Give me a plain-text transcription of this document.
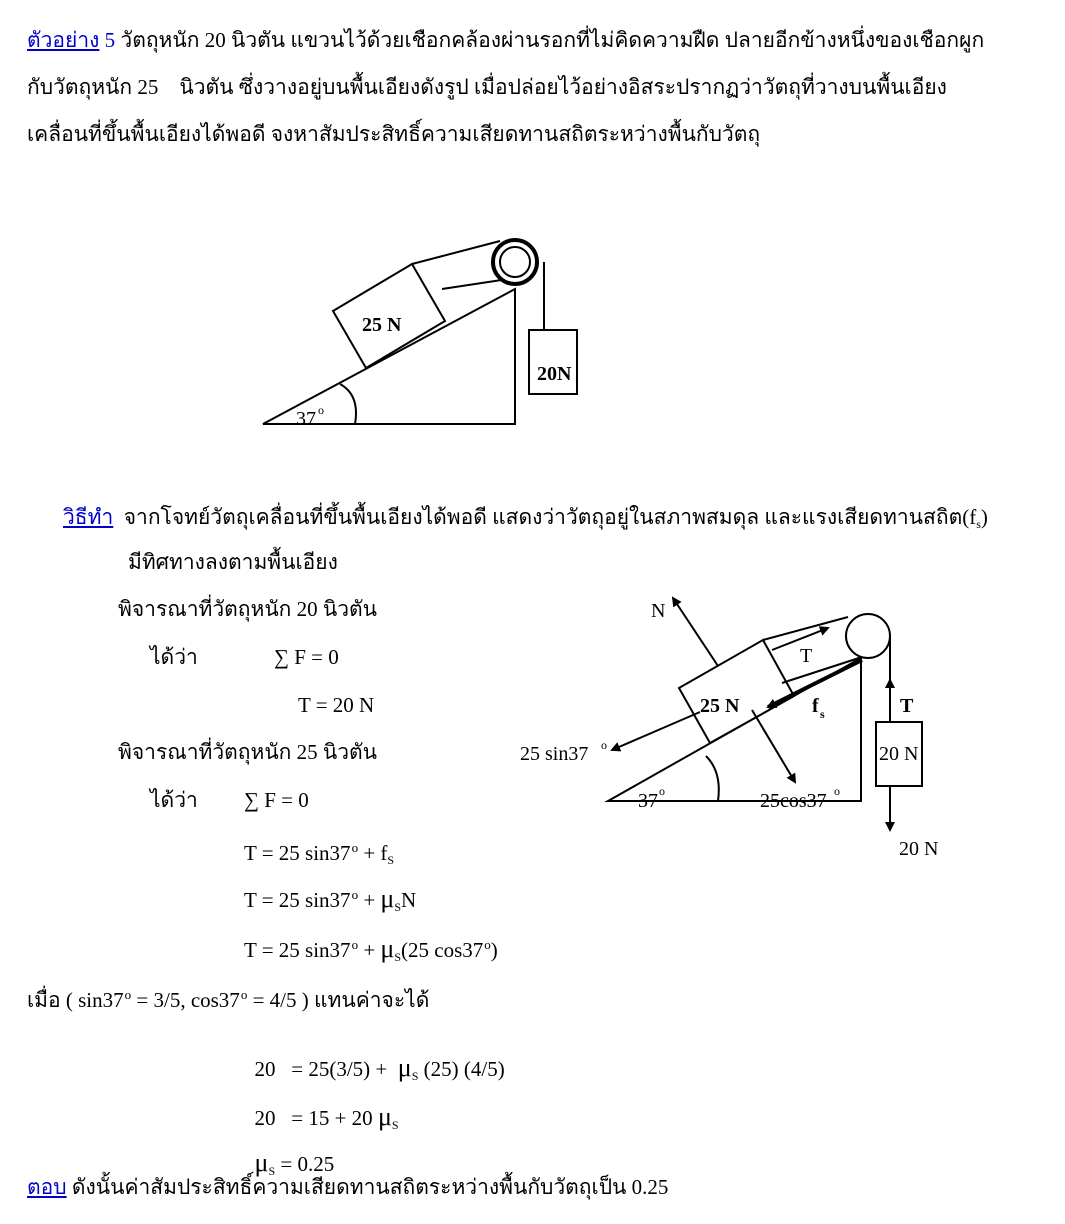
ตัวอย่าง 5 วัตถุหนัก 20 นิวตัน แขวนไว้ด้วยเชือกคล้องผ่านรอกที่ไม่คิดความฝืด ปลายอีกข้างหนึ่งของเชือกผูก
กับวัตถุหนัก 25    นิวตัน ซึ่งวางอยู่บนพื้นเอียงดังรูป เมื่อปล่อยไว้อย่างอิสระปรากฏว่าวัตถุที่วางบนพื้นเอียง
เคลื่อนที่ขึ้นพื้นเอียงได้พอดี จงหาสัมประสิทธิ์ความเสียดทานสถิตระหว่างพื้นกับวัตถุ
25 N
20N
37 o
วิธีทำ จากโจทย์วัตถุเคลื่อนที่ขึ้นพื้นเอียงได้พอดี แสดงว่าวัตถุอยู่ในสภาพสมดุล และแรงเสียดทานสถิต$(f_s)$
มีทิศทางลงตามพื้นเอียง
พิจารณาที่วัตถุหนัก 20 นิวตัน
ได้ว่า	∑ F = 0
T = 20 N
พิจารณาที่วัตถุหนัก 25 นิวตัน
ได้ว่า ∑ F = 0
T = 25 $\sin 37^o + f_S$
T = 25 $\sin 37^o + \mu_SN$
T = 25 $\sin 37^o + \mu_S(25$ cos37$^o$)
เมื่อ ( $\sin 37^o = 3/5$, $\cos 37^o = 4/5$ ) แทนค่าจะได้

$20 = 25(3/5) + \mu_S$ (25) (4/5)

20   = 15 + 20 $\mu_S$

$\mu_S = 0.25$

ตอบ ดังนั้นค่าสัมประสิทธิ์ความเสียดทานสถิตระหว่างพื้นกับวัตถุเป็น 0.25
N
T
25 N	f s	T
25 sin37 o	20 N
37 o	25cos37 o
20 N
